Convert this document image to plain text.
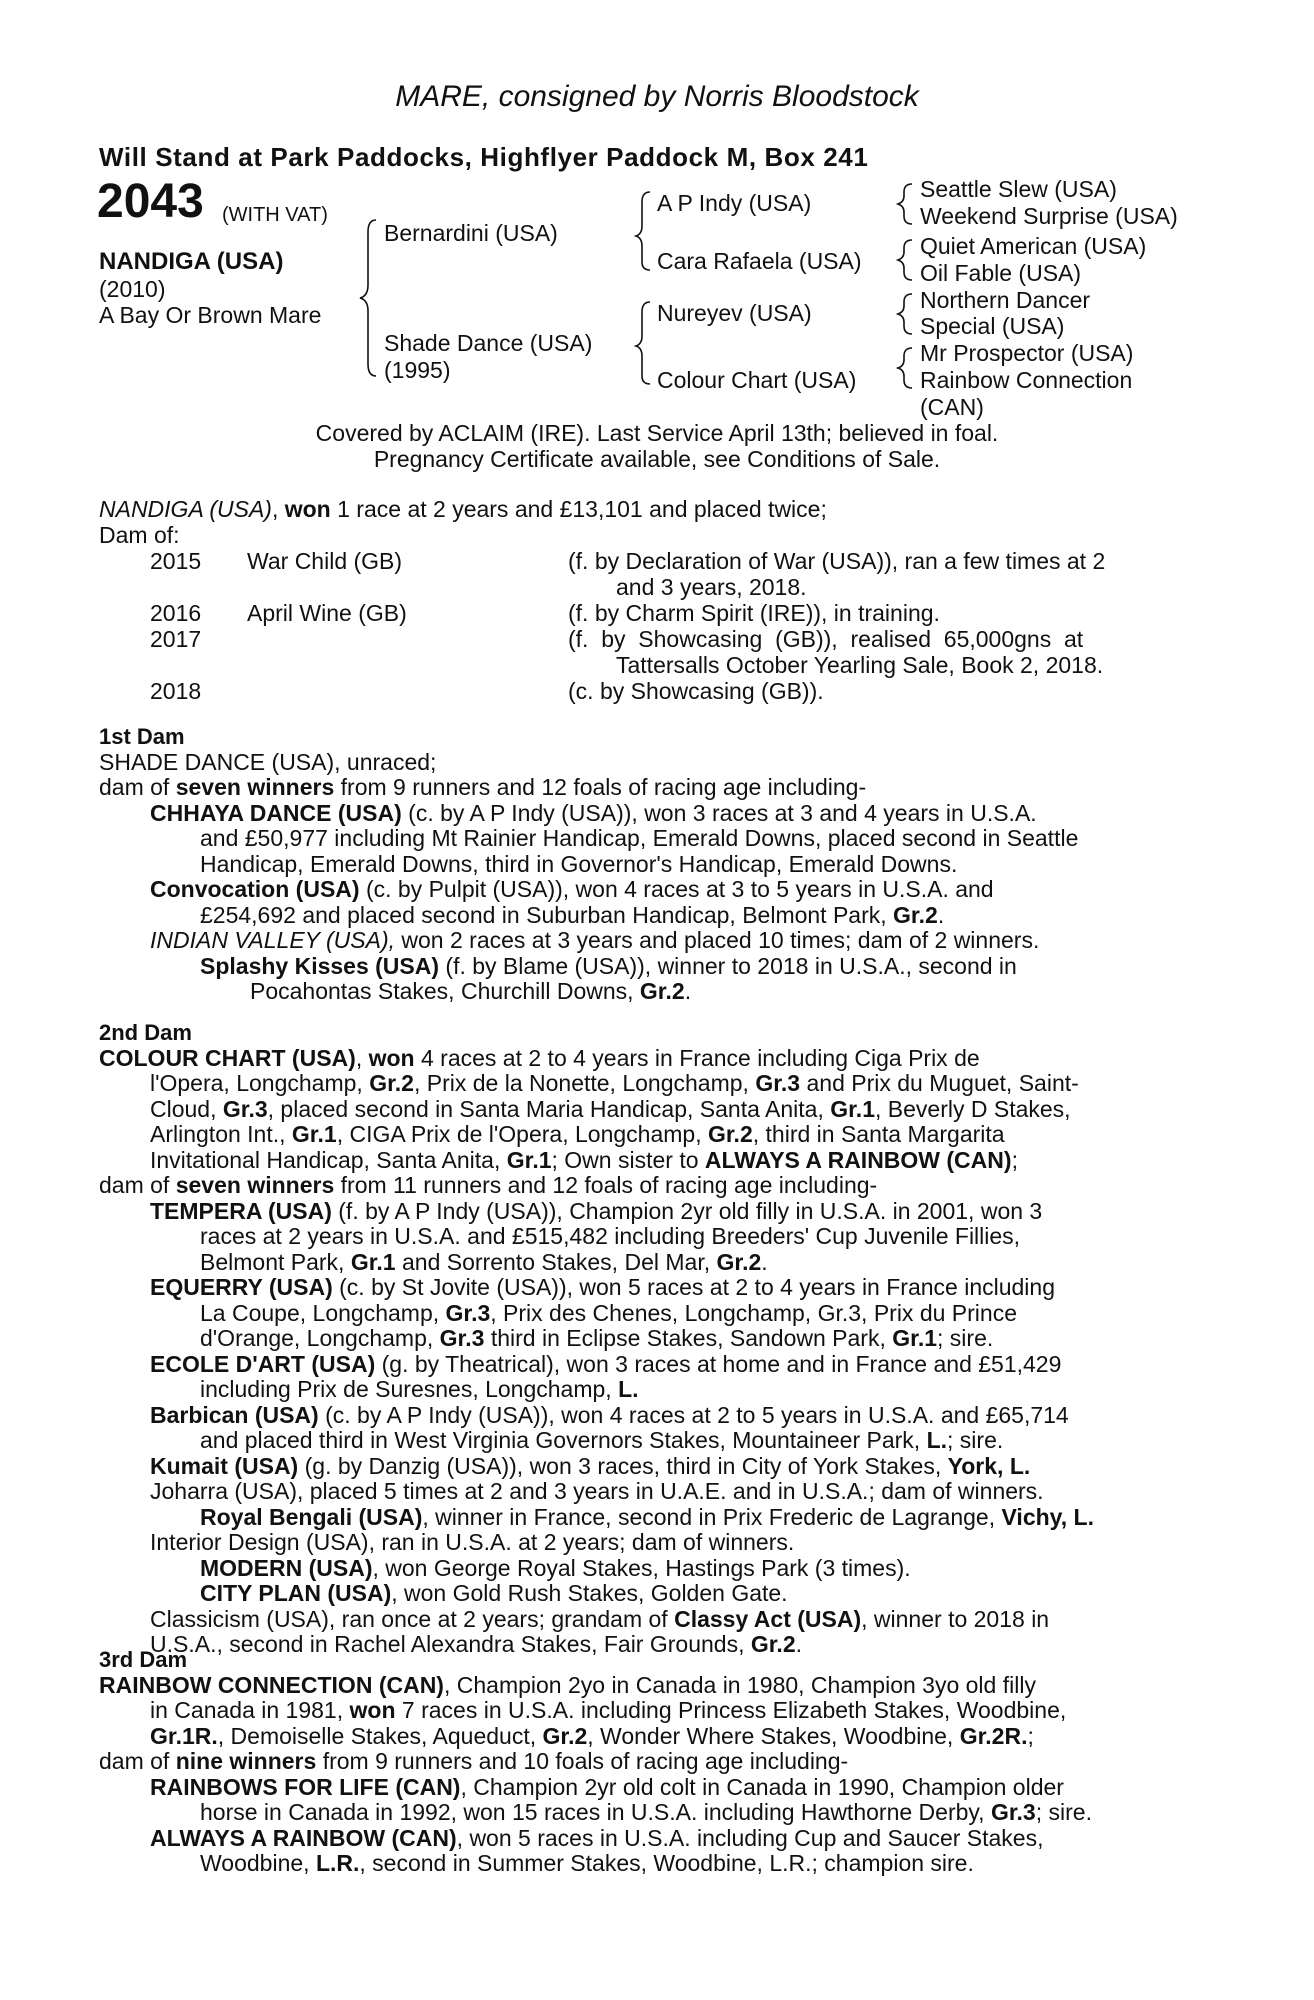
MARE, consigned by Norris Bloodstock
Will Stand at Park Paddocks, Highflyer Paddock M, Box 241
2043 (WITH VAT)
NANDIGA (USA)
(2010)
A Bay Or Brown Mare
Bernardini (USA)
Shade Dance (USA)
(1995)
A P Indy (USA)
Cara Rafaela (USA)
Nureyev (USA)
Colour Chart (USA)
Seattle Slew (USA)
Weekend Surprise (USA)
Quiet American (USA)
Oil Fable (USA)
Northern Dancer
Special (USA)
Mr Prospector (USA)
Rainbow Connection
(CAN)
Covered by ACLAIM (IRE). Last Service April 13th; believed in foal.
Pregnancy Certificate available, see Conditions of Sale.
NANDIGA (USA), won 1 race at 2 years and £13,101 and placed twice;
Dam of:
2015 War Child (GB)	(f. by Declaration of War (USA)), ran a few times at 2
and 3 years, 2018.
2016 April Wine (GB)	(f. by Charm Spirit (IRE)), in training.
2017	(f.  by  Showcasing  (GB)),  realised  65,000gns  at
Tattersalls October Yearling Sale, Book 2, 2018.
2018	(c. by Showcasing (GB)).
1st Dam
SHADE DANCE (USA), unraced;
dam of seven winners from 9 runners and 12 foals of racing age including-
CHHAYA DANCE (USA) (c. by A P Indy (USA)), won 3 races at 3 and 4 years in U.S.A.
and £50,977 including Mt Rainier Handicap, Emerald Downs, placed second in Seattle
Handicap, Emerald Downs, third in Governor's Handicap, Emerald Downs.
Convocation (USA) (c. by Pulpit (USA)), won 4 races at 3 to 5 years in U.S.A. and
£254,692 and placed second in Suburban Handicap, Belmont Park, Gr.2.
INDIAN VALLEY (USA), won 2 races at 3 years and placed 10 times; dam of 2 winners.
Splashy Kisses (USA) (f. by Blame (USA)), winner to 2018 in U.S.A., second in
Pocahontas Stakes, Churchill Downs, Gr.2.
2nd Dam
COLOUR CHART (USA), won 4 races at 2 to 4 years in France including Ciga Prix de
l'Opera, Longchamp, Gr.2, Prix de la Nonette, Longchamp, Gr.3 and Prix du Muguet, Saint-
Cloud, Gr.3, placed second in Santa Maria Handicap, Santa Anita, Gr.1, Beverly D Stakes,
Arlington Int., Gr.1, CIGA Prix de l'Opera, Longchamp, Gr.2, third in Santa Margarita
Invitational Handicap, Santa Anita, Gr.1; Own sister to ALWAYS A RAINBOW (CAN);
dam of seven winners from 11 runners and 12 foals of racing age including-
TEMPERA (USA) (f. by A P Indy (USA)), Champion 2yr old filly in U.S.A. in 2001, won 3
races at 2 years in U.S.A. and £515,482 including Breeders' Cup Juvenile Fillies,
Belmont Park, Gr.1 and Sorrento Stakes, Del Mar, Gr.2.
EQUERRY (USA) (c. by St Jovite (USA)), won 5 races at 2 to 4 years in France including
La Coupe, Longchamp, Gr.3, Prix des Chenes, Longchamp, Gr.3, Prix du Prince
d'Orange, Longchamp, Gr.3 third in Eclipse Stakes, Sandown Park, Gr.1; sire.
ECOLE D'ART (USA) (g. by Theatrical), won 3 races at home and in France and £51,429
including Prix de Suresnes, Longchamp, L.
Barbican (USA) (c. by A P Indy (USA)), won 4 races at 2 to 5 years in U.S.A. and £65,714
and placed third in West Virginia Governors Stakes, Mountaineer Park, L.; sire.
Kumait (USA) (g. by Danzig (USA)), won 3 races, third in City of York Stakes, York, L.
Joharra (USA), placed 5 times at 2 and 3 years in U.A.E. and in U.S.A.; dam of winners.
Royal Bengali (USA), winner in France, second in Prix Frederic de Lagrange, Vichy, L.
Interior Design (USA), ran in U.S.A. at 2 years; dam of winners.
MODERN (USA), won George Royal Stakes, Hastings Park (3 times).
CITY PLAN (USA), won Gold Rush Stakes, Golden Gate.
Classicism (USA), ran once at 2 years; grandam of Classy Act (USA), winner to 2018 in
U.S.A., second in Rachel Alexandra Stakes, Fair Grounds, Gr.2.
3rd Dam
RAINBOW CONNECTION (CAN), Champion 2yo in Canada in 1980, Champion 3yo old filly
in Canada in 1981, won 7 races in U.S.A. including Princess Elizabeth Stakes, Woodbine,
Gr.1R., Demoiselle Stakes, Aqueduct, Gr.2, Wonder Where Stakes, Woodbine, Gr.2R.;
dam of nine winners from 9 runners and 10 foals of racing age including-
RAINBOWS FOR LIFE (CAN), Champion 2yr old colt in Canada in 1990, Champion older
horse in Canada in 1992, won 15 races in U.S.A. including Hawthorne Derby, Gr.3; sire.
ALWAYS A RAINBOW (CAN), won 5 races in U.S.A. including Cup and Saucer Stakes,
Woodbine, L.R., second in Summer Stakes, Woodbine, L.R.; champion sire.
